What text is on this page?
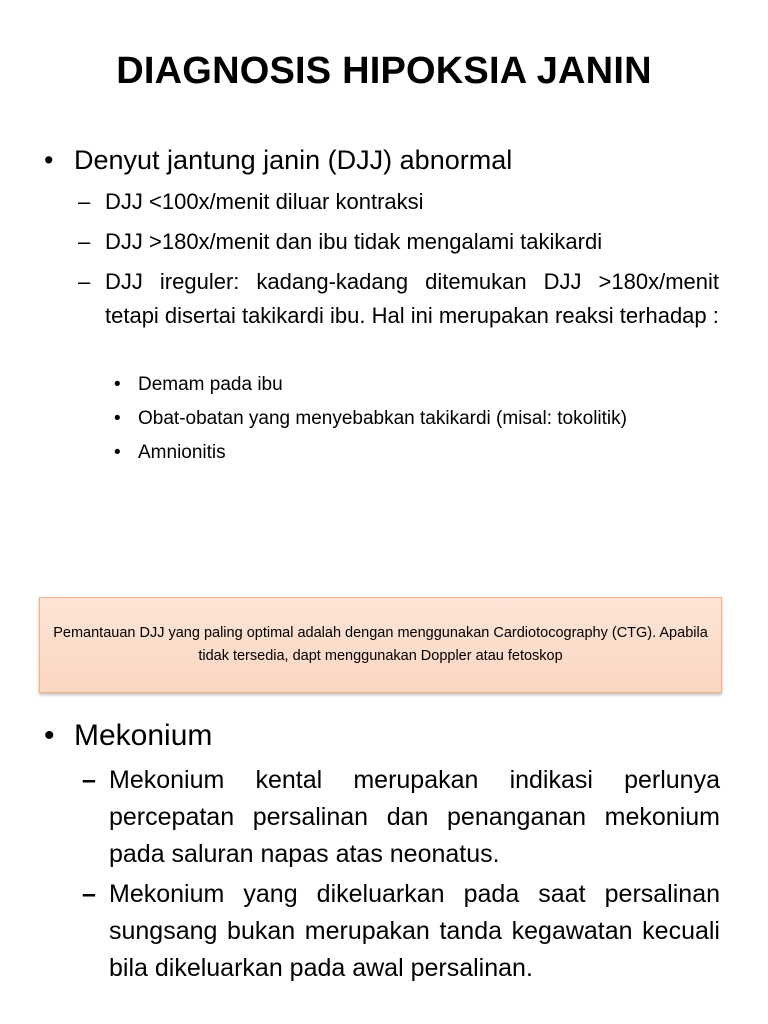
DIAGNOSIS HIPOKSIA JANIN
• Denyut jantung janin (DJJ) abnormal
– DJJ <100x/menit diluar kontraksi
– DJJ >180x/menit dan ibu tidak mengalami takikardi
– DJJ ireguler: kadang-kadang ditemukan DJJ >180x/menit tetapi disertai takikardi ibu. Hal ini merupakan reaksi terhadap :
• Demam pada ibu
• Obat-obatan yang menyebabkan takikardi (misal: tokolitik)
• Amnionitis
Pemantauan DJJ yang paling optimal adalah dengan menggunakan Cardiotocography (CTG). Apabila tidak tersedia, dapt menggunakan Doppler atau fetoskop
• Mekonium
– Mekonium kental merupakan indikasi perlunya percepatan persalinan dan penanganan mekonium pada saluran napas atas neonatus.
– Mekonium yang dikeluarkan pada saat persalinan sungsang bukan merupakan tanda kegawatan kecuali bila dikeluarkan pada awal persalinan.
